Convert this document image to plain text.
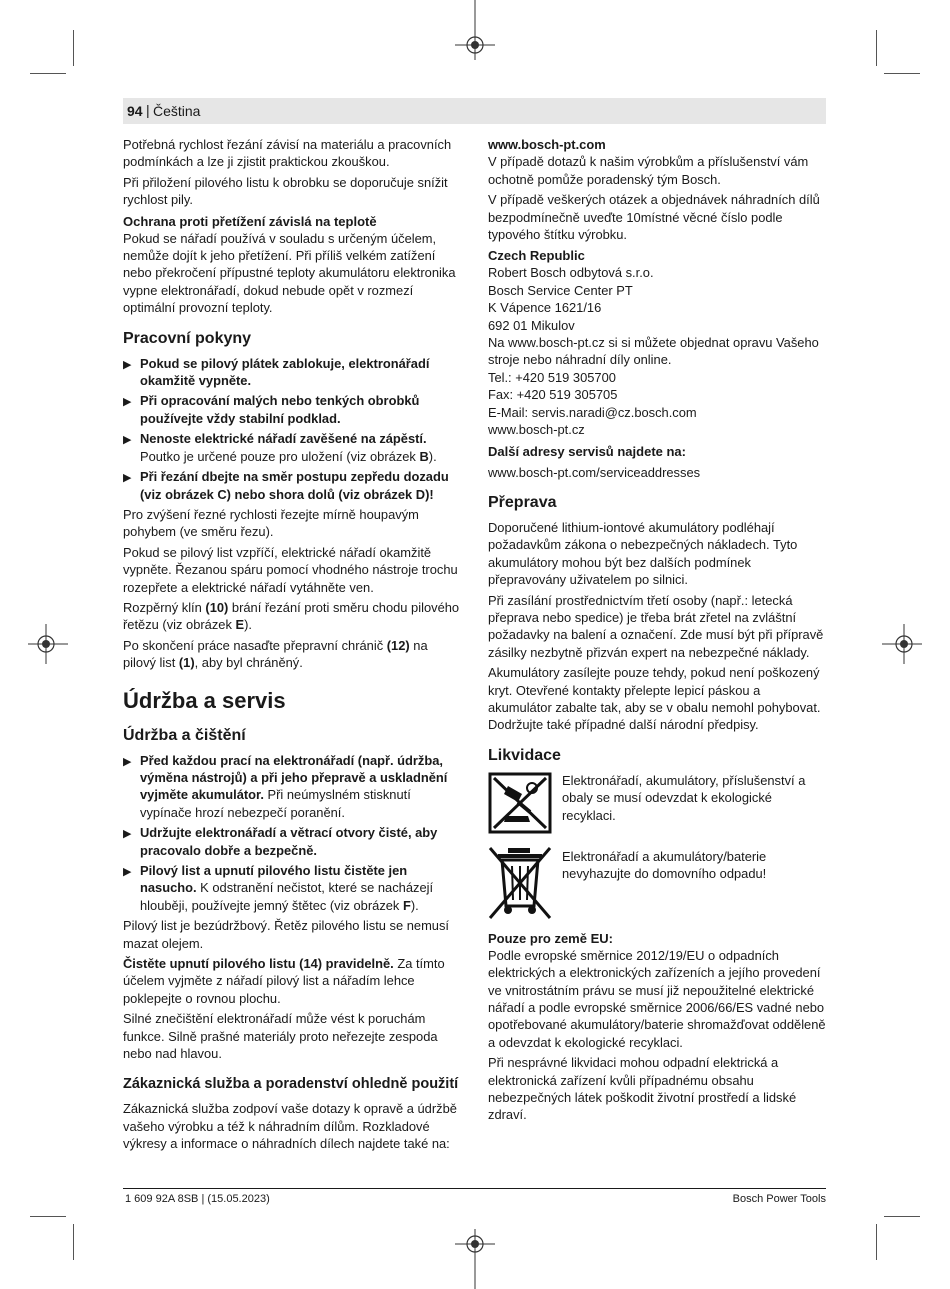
94 | Čeština

Potřebná rychlost řezání závisí na materiálu a pracovních podmínkách a lze ji zjistit praktickou zkouškou.

Při přiložení pilového listu k obrobku se doporučuje snížit rychlost pily.

Ochrana proti přetížení závislá na teplotě

Pokud se nářadí používá v souladu s určeným účelem, nemůže dojít k jeho přetížení. Při příliš velkém zatížení nebo překročení přípustné teploty akumulátoru elektronika vypne elektronářadí, dokud nebude opět v rozmezí optimální provozní teploty.

Pracovní pokyny
▶ Pokud se pilový plátek zablokuje, elektronářadí okamžitě vypněte.
▶ Při opracování malých nebo tenkých obrobků používejte vždy stabilní podklad.
▶ Nenoste elektrické nářadí zavěšené na zápěstí. Poutko je určené pouze pro uložení (viz obrázek B).
▶ Při řezání dbejte na směr postupu zepředu dozadu (viz obrázek C) nebo shora dolů (viz obrázek D)!

Pro zvýšení řezné rychlosti řezejte mírně houpavým pohybem (ve směru řezu).

Pokud se pilový list vzpříčí, elektrické nářadí okamžitě vypněte. Řezanou spáru pomocí vhodného nástroje trochu rozepřete a elektrické nářadí vytáhněte ven.

Rozpěrný klín (10) brání řezání proti směru chodu pilového řetězu (viz obrázek E).

Po skončení práce nasaďte přepravní chránič (12) na pilový list (1), aby byl chráněný.

Údržba a servis
Údržba a čištění
▶ Před každou prací na elektronářadí (např. údržba, výměna nástrojů) a při jeho přepravě a uskladnění vyjměte akumulátor. Při neúmyslném stisknutí vypínače hrozí nebezpečí poranění.
▶ Udržujte elektronářadí a větrací otvory čisté, aby pracovalo dobře a bezpečně.
▶ Pilový list a upnutí pilového listu čistěte jen nasucho. K odstranění nečistot, které se nacházejí hlouběji, používejte jemný štětec (viz obrázek F).

Pilový list je bezúdržbový. Řetěz pilového listu se nemusí mazat olejem.

Čistěte upnutí pilového listu (14) pravidelně. Za tímto účelem vyjměte z nářadí pilový list a nářadím lehce poklepejte o rovnou plochu.

Silné znečištění elektronářadí může vést k poruchám funkce. Silně prašné materiály proto neřezejte zespoda nebo nad hlavou.

Zákaznická služba a poradenství ohledně použití

Zákaznická služba zodpoví vaše dotazy k opravě a údržbě vašeho výrobku a též k náhradním dílům. Rozkladové výkresy a informace o náhradních dílech najdete také na:

www.bosch-pt.com

V případě dotazů k našim výrobkům a příslušenství vám ochotně pomůže poradenský tým Bosch.

V případě veškerých otázek a objednávek náhradních dílů bezpodmínečně uveďte 10místné věcné číslo podle typového štítku výrobku.

Czech Republic
Robert Bosch odbytová s.r.o.
Bosch Service Center PT
K Vápence 1621/16
692 01 Mikulov

Na www.bosch-pt.cz si si můžete objednat opravu Vašeho stroje nebo náhradní díly online.

Tel.: +420 519 305700
Fax: +420 519 305705
E-Mail: servis.naradi@cz.bosch.com
www.bosch-pt.cz
Další adresy servisů najdete na:

www.bosch-pt.com/serviceaddresses

Přeprava

Doporučené lithium-iontové akumulátory podléhají požadavkům zákona o nebezpečných nákladech. Tyto akumulátory mohou být bez dalších podmínek přepravovány uživatelem po silnici.

Při zasílání prostřednictvím třetí osoby (např.: letecká přeprava nebo spedice) je třeba brát zřetel na zvláštní požadavky na balení a označení. Zde musí být při přípravě zásilky nezbytně přizván expert na nebezpečné náklady.

Akumulátory zasílejte pouze tehdy, pokud není poškozený kryt. Otevřené kontakty přelepte lepicí páskou a akumulátor zabalte tak, aby se v obalu nemohl pohybovat. Dodržujte také případné další národní předpisy.

Likvidace
Elektronářadí, akumulátory, příslušenství a obaly se musí odevzdat k ekologické recyklaci.
Elektronářadí a akumulátory/baterie nevyhazujte do domovního odpadu!
Pouze pro země EU:

Podle evropské směrnice 2012/19/EU o odpadních elektrických a elektronických zařízeních a jejího provedení ve vnitrostátním právu se musí již nepoužitelné elektrické nářadí a podle evropské směrnice 2006/66/ES vadné nebo opotřebované akumulátory/baterie shromažďovat odděleně a odevzdat k ekologické recyklaci.

Při nesprávné likvidaci mohou odpadní elektrická a elektronická zařízení kvůli případnému obsahu nebezpečných látek poškodit životní prostředí a lidské zdraví.

1 609 92A 8SB | (15.05.2023)	Bosch Power Tools
